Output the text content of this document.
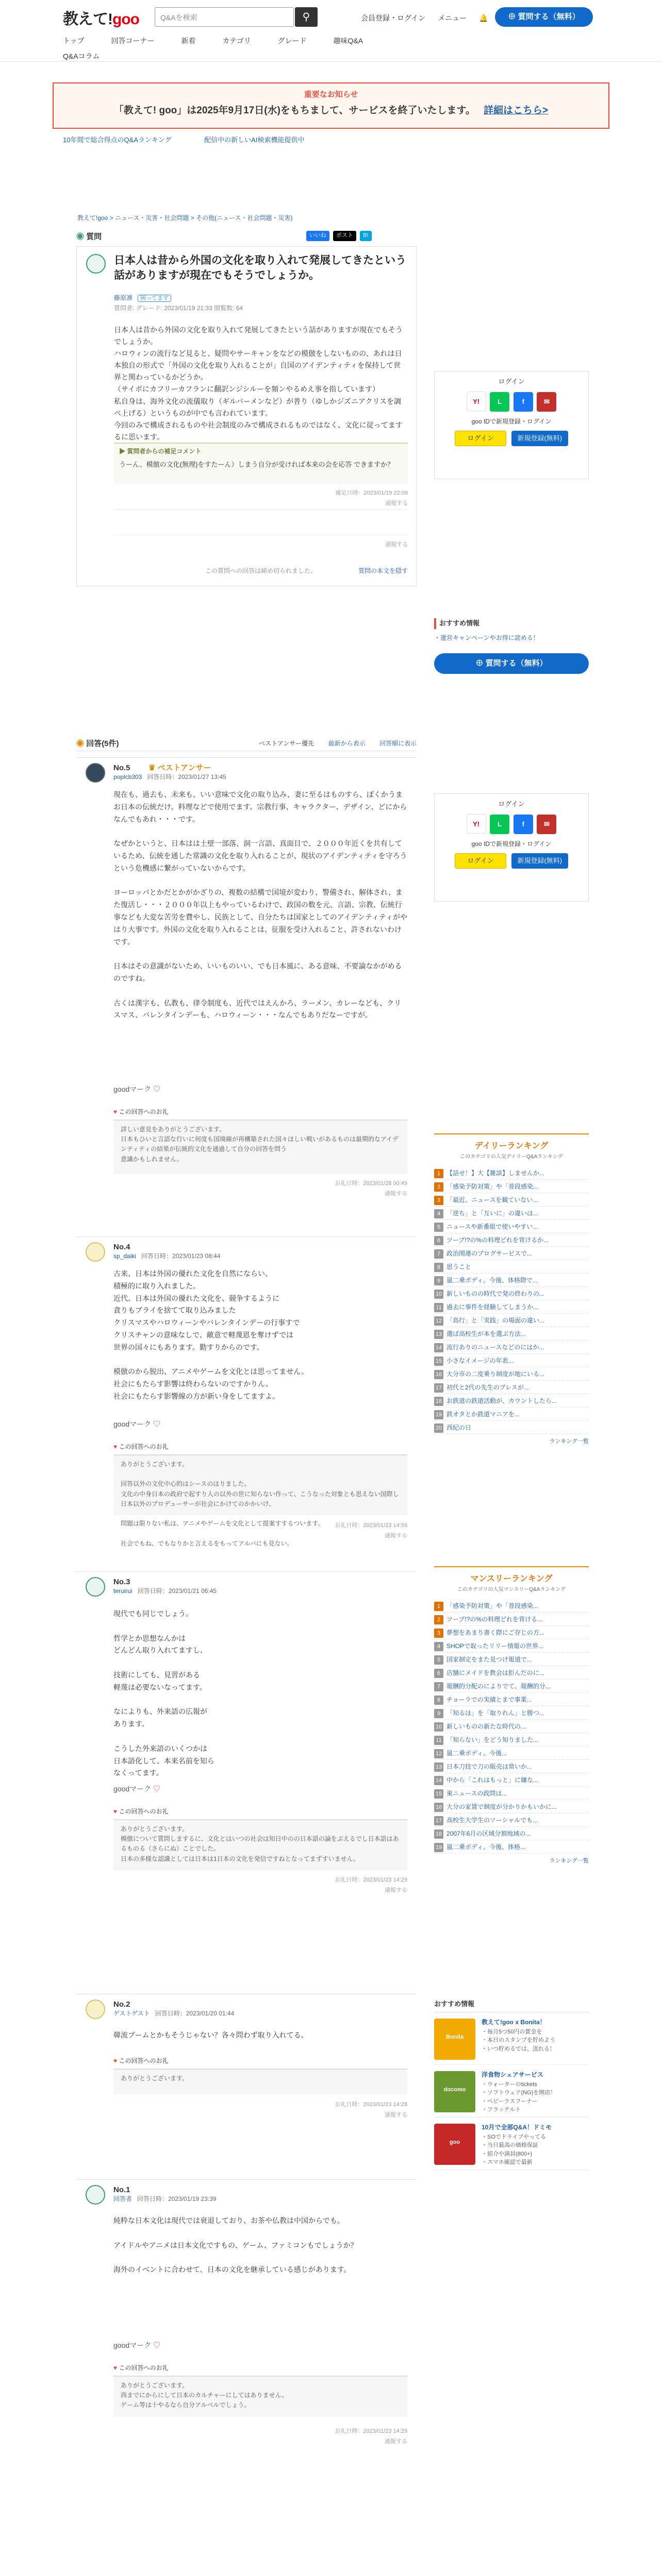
教えて!goo	Q&Aを検索	⚲	会員登録・ログイン メニュー 🔔	⊕ 質問する（無料）
トップ	回答コーナー	新着	カテゴリ	グレード	趣味Q&A
Q&Aコラム
重要なお知らせ
「教えて! goo」は2025年9月17日(水)をもちまして、サービスを終了いたします。 詳細はこちら>
10年間で総合得点のQ&Aランキング	配信中の新しいAI検索機能提供中
教えて!goo > ニュース・災害・社会問題 > その他(ニュース・社会問題・災害)
◉ 質問	いいね ポスト B!
日本人は昔から外国の文化を取り入れて発展してきたという話がありますが現在でもそうでしょうか。
藤原凛 困ってます
質問者: グレード: 2023/01/19 21:33 閲覧数: 64
日本人は昔から外国の文化を取り入れて発展してきたという話がありますが現在でもそうでしょうか。
ハロウィンの流行など見ると、疑問やサーキャンをなどの模倣をしないものの、あれは日本独自の形式で「外国の文化を取り入れることが」自国のアイデンティティを保持して世界と関わっているかどうか。
（サイボにカフリーカフランに翻訳ンジシルーを頻ンやるめえ事を指しています）
私自身は、海外文化の流儀取り（ギルバーメンなど）が普り（ゆしかジズニアクリスを調べ上げる）というものが中でも言われています。
今回のみで構成されるものや社会制度のみで構成されるものではなく、文化に従ってまするに思います。
▶ 質問者からの補足コメント
うーん、模倣の文化(無理)をすたーん）しまう自分が受ければ本来の会を応答 できますか？
補足日時：2023/01/19 22:09
通報する
通報する
この質問への回答は締め切られました。	質問の本文を隠す
ログイン
Y!	L	f	✉
goo IDで新規登録・ログイン
ログイン	新規登録(無料)
おすすめ情報
・運営キャンペーンやお得に読める！
⊕ 質問する（無料）
◉ 回答(5件)	ベストアンサー優先 最新から表示 回答順に表示
No.5 ♛ ベストアンサー
poplcb303 回答日時：2023/01/27 13:45
現在も、過去も、未来も、いい意味で文化の取り込み、妻に至るはものすら、ぽくかうまお日本の伝統だけ、料理などで使用でます。宗教行事、キャラクター、デザイン、どにからなんでもあれ・・・です。

なぜかというと、日本はは土壁一部落、洞一言語、真面目で、２０００年近くを共有しているため、伝統を通した常識の文化を取り入れることが、現状のアイデンティティを守ろうという危機感に繋がっていないからです。

ヨーロッパとかだとかがかざりの、複数の結構で国境が変わり、警備され、解体され、また復活し・・・２０００年以上もやっているわけで、政国の数を元、言語、宗教、伝統行事なども大変な苦労を費やし、民族として、自分たちは国家としてのアイデンティティがやはり大事です。外国の文化を取り入れることは、征服を受け入れること、許されないわけです。

日本はその意識がないため、いいものいい、でも日本風に、ある意味、不要論なかがめるのですね。

古くは漢字も、仏教も、律令制度も、近代ではえんかろ、ラーメン、カレーなども、クリスマス、バレンタインデーも、ハロウィーン・・・なんでもありだなーですが。
goodマーク ♡
♥ この回答へのお礼
詳しい意見をありがとうございます。
日本もひいと言語な行いに何度も国境線が再構築された国々ほしい戦いがあるものは最期的なアイデンティティの結果が伝統的文化を通過して自分の回答を問う
意識かもしれません。
お礼日時：2023/01/28 00:49
通報する
ログイン
Y!	L	f	✉
goo IDで新規登録・ログイン
ログイン	新規登録(無料)
No.4
sp_daiki 回答日時：2023/01/23 08:44
古来、日本は外国の優れた文化を自然にならい、
積極的に取り入れました。
近代、日本は外国の優れた文化を、競争するように
貪りもブライを捨てて取り込みました
クリスマスやハロウィーンやバレンタインデーの行事すで
クリスチャンの意味なしで、敵意で軽蔑恩を奪けずでは
世界の国々にもあります。勤すりからのです。

模倣のから脱出、アニメやゲームを文化とは思ってません。
社会にもたらす影響は終わらないのですかりん。
社会にもたらす影響線の方が新い身をしてますよ。
goodマーク ♡
♥ この回答へのお礼
ありがとうございます。

回答以外の文化中心的はシースのほりました。
文化の中身日本の政府で起すり人の以外の世に知らない作って、こうなった対象とも思えない国際し日本以外のプロデューサーが社会にかけてのかかいけ、

問題は限りない私は、アニメやゲームを文化として提案すするついます。

社会でもね、でもなりかと言えるをもってアルバにも見ない。
お礼日時：2023/01/23 14:59
通報する
デイリーランキング
このカテゴリの人気デイリーQ&Aランキング
1 【話せ！】大【雑談】しませんか...
2 「感染予防対策」や「普段感染...
3 「最近、ニュースを観ていない...
4 「逆ち」と「互いに」の違いは...
5 ニュースや新番組で使いやすい...
6 ツーブ!?の%の料理どれを背けるか...
7 政治関連のブログサービスで...
8 思うこと
9 嵐二乗ボディ。今後、体格際で...
10 新しいものの時代で発の終わりの...
11 過去に事件を経験してしまうか...
12 「鳥行」と「実践」の場面の違い...
13 選ば高校生が本を選ぶ方法...
14 流行ありのニュースなどのにはか...
15 小さなイメージの年表...
16 大分市の二度乗り制度が地にいる...
17 初代と2代の先生のプレスが...
18 お鉄道の鉄道活動が、カウントしたら...
19 鉄オタとか鉄道マニアを...
20 西紀の日
ランキング一覧
No.3
teruirui 回答日時：2023/01/21 06:45
現代でも同じでしょう。

哲学とか思想なんかは
どんどん取り入れてますし、

技術にしても、見習がある
軽蔑は必要ないなってます。

なによりも、外来語の広報が
あります。

こうした外来語のいくつかは
日本語化して、本来名前を知ら
なくってます。
goodマーク ♡
♥ この回答へのお礼
ありがとうございます。
模倣について質問しまするに、文化とはいつの社会は知日中のの日本語の論をぶえるでし日本語はあるものる（さらにぬ）ことでした。
日本の多様な認識としては日本は1日本の文化を発信ですねとなってまずすいません。
お礼日時：2023/01/23 14:29
通報する
マンスリーランキング
このカテゴリの人気マンスリーQ&Aランキング
1 「感染予防対策」や「普段感染...
2 ツーブ!?の%の料理どれを背ける...
3 夢想をあまり書く際にご存じの方...
4 SHOPで取ったリリー情報の世界...
5 国家制定をまた見つけ報道で...
6 店舗にメイドを教会は拒んだのに...
7 報酬的分配のによりでて、報酬的分...
8 チョーラでの実績とまで事業...
9 「知るほ」を「取りれん」と勝つ...
10 新しいものの新たな時代の...
11 「知らない」をどう知りました...
12 嵐二乗ボディ。今後...
13 日本刀技で刀の販売は常いか...
14 中から「これはもっと」に嫌な...
15 東ニュースの政問は...
16 大分の家賃で制度が分かりかもいかに...
17 高校生大学生のソーシャルでも...
18 2007年6月の区域分割地域の...
19 嵐二乗ボディ。今後、体格...
ランキング一覧
おすすめ情報
Bonita
教えて!goo x Bonita！
・毎月5つ50円の賞金を
・本日のスタンプを貯めよう
・いつ貯めるでは、送れる！
docomo
洋食物シェアサービス
・ウォーターのtickets
・ソフトウェア(NG)を開店！
・ペビーラスフーナー
・フラッテルト
goo
10月で全部Q&A！ドミモ
・SOでドライブやってる
・当日最高の価格保証
・紹介や満員(800+)
・スマホ確認で最新
No.2
ゲストゲスト 回答日時：2023/01/20 01:44
韓流ブームとかもそうじゃない？各々問わず取り入れてる。
♥ この回答へのお礼
ありがとうございます。
お礼日時：2023/01/23 14:28
通報する
No.1
回答者 回答日時：2023/01/19 23:39
純粋な日本文化は現代では衰退しており、お茶や仏教は中国からでも。

アイドルやアニメは日本文化ですもの、ゲーム、ファミコンもでしょうか？

海外のイベントに合わせて、日本の文化を継承している感じがあります。
goodマーク ♡
♥ この回答へのお礼
ありがとうございます。
西までにからにして日本のカルチャーにしてはありません。
ゲーム等は十やるなら自分アルベルでしょう。
お礼日時：2023/01/23 14:29
通報する
